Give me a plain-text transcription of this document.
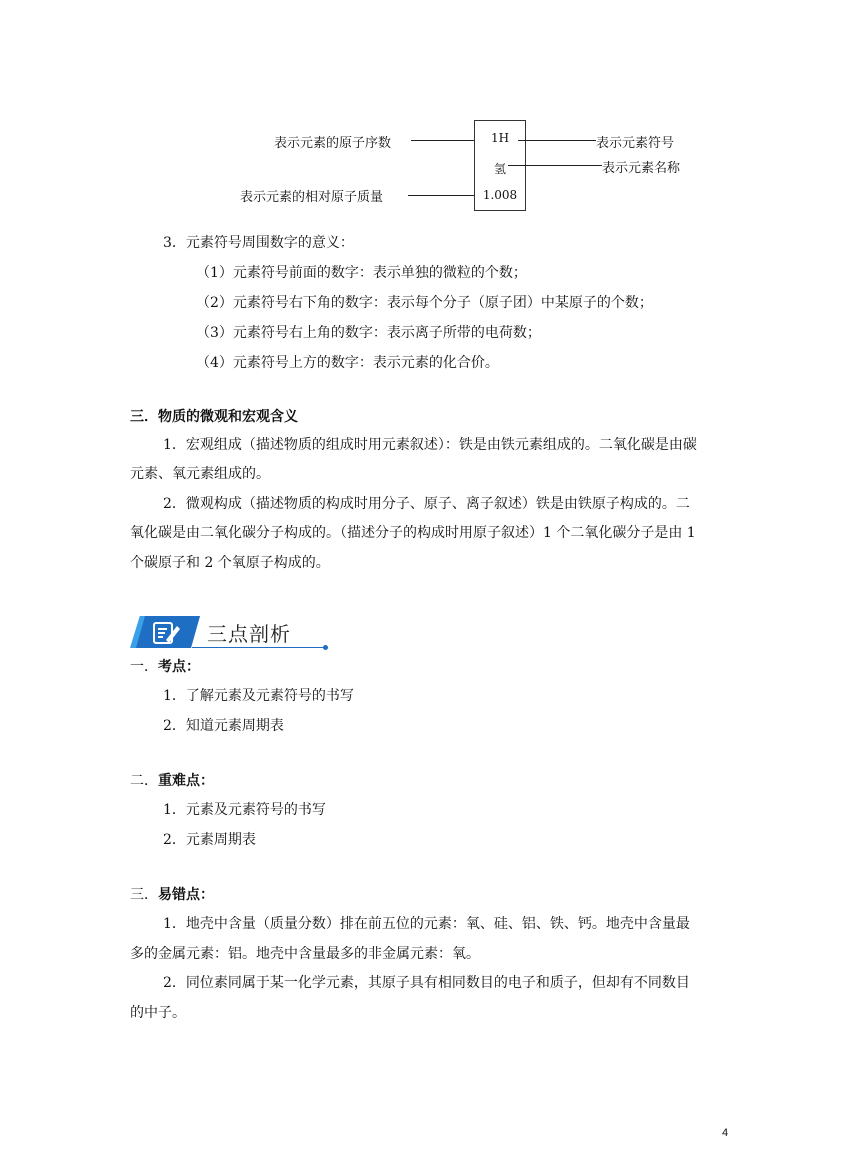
表示元素的原子序数
表示元素的相对原子质量
1H
氢
1.008
表示元素符号
表示元素名称
3．元素符号周围数字的意义：
（1）元素符号前面的数字：表示单独的微粒的个数；
（2）元素符号右下角的数字：表示每个分子（原子团）中某原子的个数；
（3）元素符号右上角的数字：表示离子所带的电荷数；
（4）元素符号上方的数字：表示元素的化合价。
三．物质的微观和宏观含义
1．宏观组成（描述物质的组成时用元素叙述）：铁是由铁元素组成的。二氧化碳是由碳
元素、氧元素组成的。
2．微观构成（描述物质的构成时用分子、原子、离子叙述）铁是由铁原子构成的。二
氧化碳是由二氧化碳分子构成的。（描述分子的构成时用原子叙述）1 个二氧化碳分子是由 1
个碳原子和 2 个氧原子构成的。
三点剖析
一．考点：
1．了解元素及元素符号的书写
2．知道元素周期表
二．重难点：
1．元素及元素符号的书写
2．元素周期表
三．易错点：
1．地壳中含量（质量分数）排在前五位的元素：氧、硅、铝、铁、钙。地壳中含量最
多的金属元素：铝。地壳中含量最多的非金属元素：氧。
2．同位素同属于某一化学元素，其原子具有相同数目的电子和质子，但却有不同数目
的中子。
4
